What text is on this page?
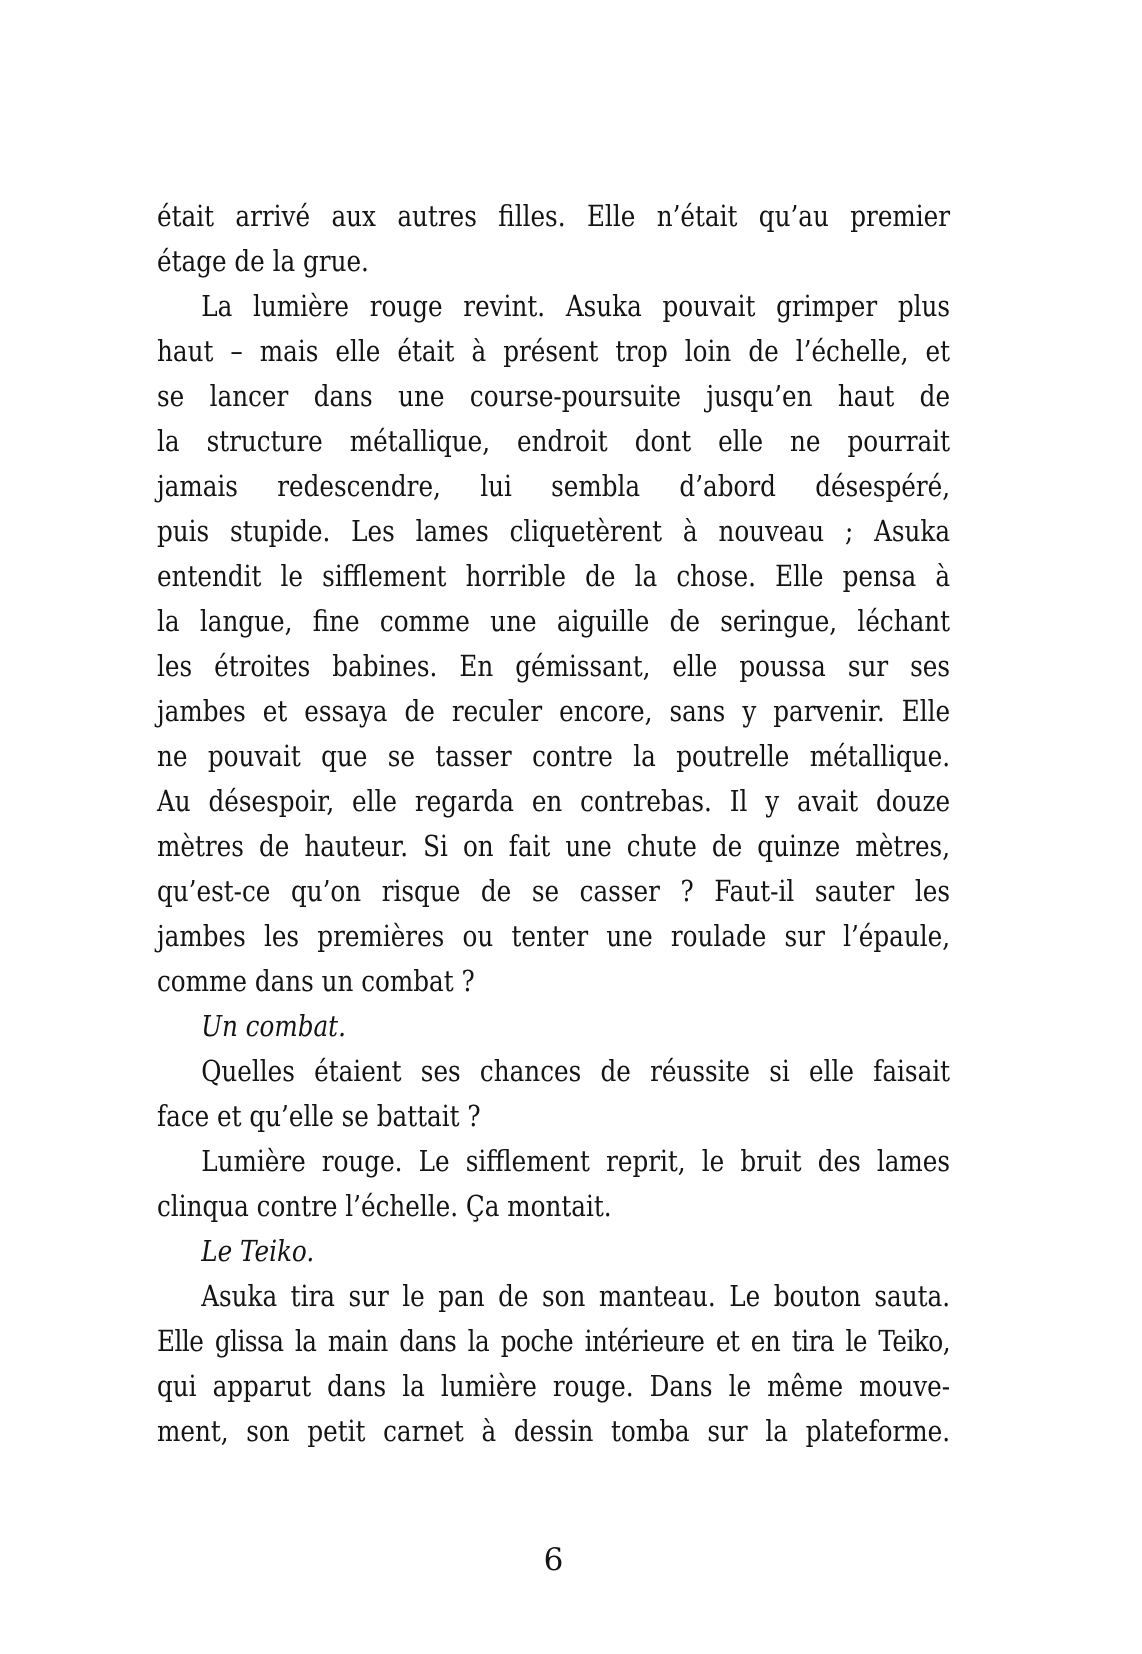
était arrivé aux autres filles. Elle n’était qu’au premier
étage de la grue.
La lumière rouge revint. Asuka pouvait grimper plus
haut – mais elle était à présent trop loin de l’échelle, et
se lancer dans une course-poursuite jusqu’en haut de
la structure métallique, endroit dont elle ne pourrait
jamais redescendre, lui sembla d’abord désespéré,
puis stupide. Les lames cliquetèrent à nouveau ; Asuka
entendit le sifflement horrible de la chose. Elle pensa à
la langue, fine comme une aiguille de seringue, léchant
les étroites babines. En gémissant, elle poussa sur ses
jambes et essaya de reculer encore, sans y parvenir. Elle
ne pouvait que se tasser contre la poutrelle métallique.
Au désespoir, elle regarda en contrebas. Il y avait douze
mètres de hauteur. Si on fait une chute de quinze mètres,
qu’est-ce qu’on risque de se casser ? Faut-il sauter les
jambes les premières ou tenter une roulade sur l’épaule,
comme dans un combat ?
Un combat.
Quelles étaient ses chances de réussite si elle faisait
face et qu’elle se battait ?
Lumière rouge. Le sifflement reprit, le bruit des lames
clinqua contre l’échelle. Ça montait.
Le Teiko.
Asuka tira sur le pan de son manteau. Le bouton sauta.
Elle glissa la main dans la poche intérieure et en tira le Teiko,
qui apparut dans la lumière rouge. Dans le même mouve-
ment, son petit carnet à dessin tomba sur la plateforme.
6
